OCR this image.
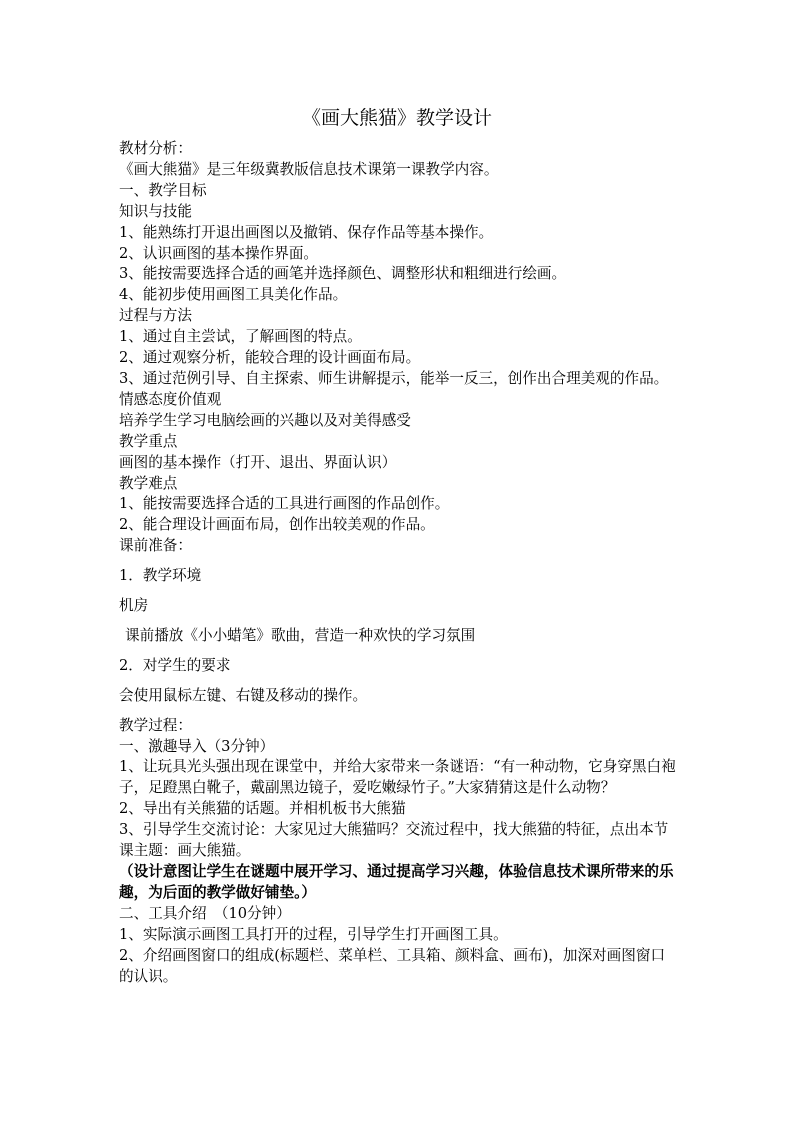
《画大熊猫》教学设计

教材分析：

《画大熊猫》是三年级冀教版信息技术课第一课教学内容。

一、教学目标

知识与技能

1、能熟练打开退出画图以及撤销、保存作品等基本操作。

2、认识画图的基本操作界面。

3、能按需要选择合适的画笔并选择颜色、调整形状和粗细进行绘画。

4、能初步使用画图工具美化作品。

过程与方法

1、通过自主尝试，了解画图的特点。

2、通过观察分析，能较合理的设计画面布局。

3、通过范例引导、自主探索、师生讲解提示，能举一反三，创作出合理美观的作品。

情感态度价值观

培养学生学习电脑绘画的兴趣以及对美得感受

教学重点

画图的基本操作（打开、退出、界面认识）

教学难点

1、能按需要选择合适的工具进行画图的作品创作。

2、能合理设计画面布局，创作出较美观的作品。

课前准备：

1．教学环境

机房

课前播放《小小蜡笔》歌曲，营造一种欢快的学习氛围

2．对学生的要求

会使用鼠标左键、右键及移动的操作。

教学过程：

一、激趣导入（3分钟）

1、让玩具光头强出现在课堂中，并给大家带来一条谜语：“有一种动物，它身穿黑白袍子，足蹬黑白靴子，戴副黑边镜子，爱吃嫩绿竹子。”大家猜猜这是什么动物？

2、导出有关熊猫的话题。并相机板书大熊猫

3、引导学生交流讨论：大家见过大熊猫吗？交流过程中，找大熊猫的特征，点出本节课主题：画大熊猫。

（设计意图让学生在谜题中展开学习、通过提高学习兴趣，体验信息技术课所带来的乐趣，为后面的教学做好铺垫。）

二、工具介绍　（10分钟）

1、实际演示画图工具打开的过程，引导学生打开画图工具。

2、介绍画图窗口的组成(标题栏、菜单栏、工具箱、颜料盒、画布)，加深对画图窗口的认识。
